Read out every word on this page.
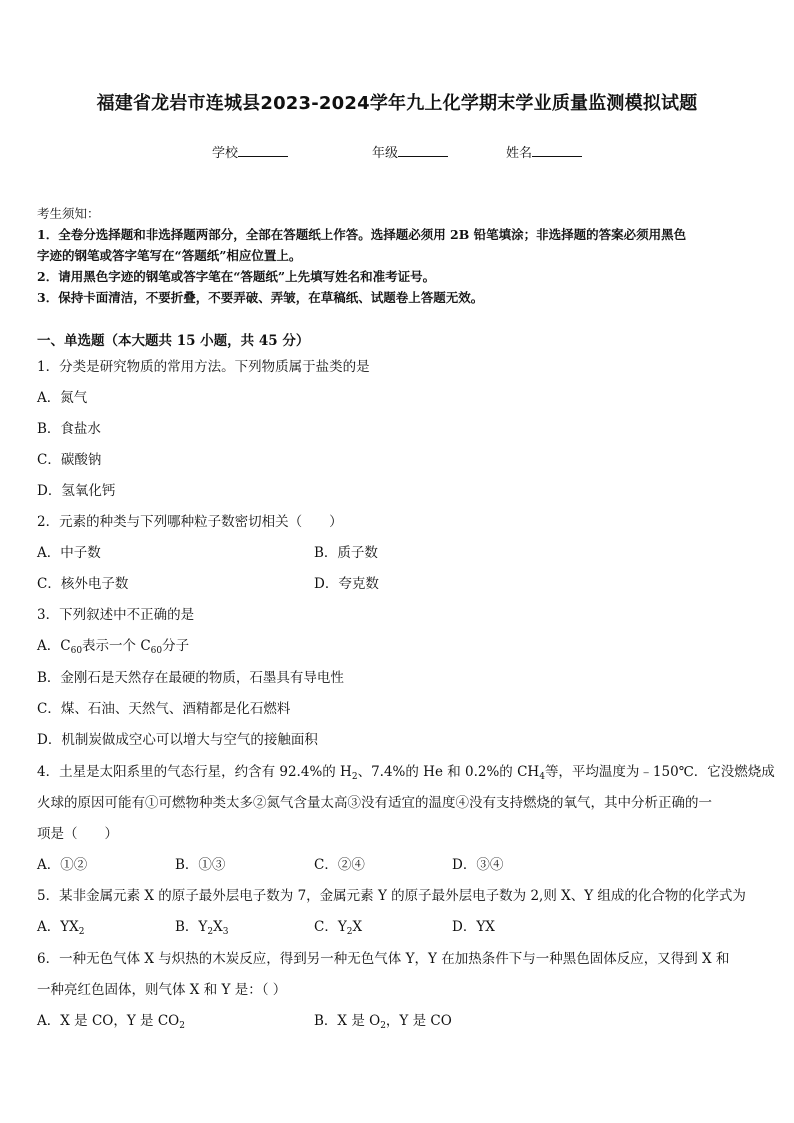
福建省龙岩市连城县2023-2024学年九上化学期末学业质量监测模拟试题
学校	年级	姓名
考生须知：
1．全卷分选择题和非选择题两部分，全部在答题纸上作答。选择题必须用 2B 铅笔填涂；非选择题的答案必须用黑色
字迹的钢笔或答字笔写在“答题纸”相应位置上。
2．请用黑色字迹的钢笔或答字笔在“答题纸”上先填写姓名和准考证号。
3．保持卡面清洁，不要折叠，不要弄破、弄皱，在草稿纸、试题卷上答题无效。
一、单选题（本大题共 15 小题，共 45 分）
1．分类是研究物质的常用方法。下列物质属于盐类的是
A．氮气
B．食盐水
C．碳酸钠
D．氢氧化钙
2．元素的种类与下列哪种粒子数密切相关（　　）
A．中子数	B．质子数
C．核外电子数	D．夸克数
3．下列叙述中不正确的是
A．$C_{60}$表示一个 $C_{60}$分子
B．金刚石是天然存在最硬的物质，石墨具有导电性
C．煤、石油、天然气、酒精都是化石燃料
D．机制炭做成空心可以增大与空气的接触面积
4．土星是太阳系里的气态行星，约含有 92.4%的 $H_2$、7.4%的 He 和 0.2%的 $CH_4$等，平均温度为﹣150℃．它没燃烧成
火球的原因可能有①可燃物种类太多②氮气含量太高③没有适宜的温度④没有支持燃烧的氧气，其中分析正确的一
项是（　　）
A．①②	B．①③	C．②④	D．③④
5．某非金属元素 X 的原子最外层电子数为 7，金属元素 Y 的原子最外层电子数为 2,则 X、Y 组成的化合物的化学式为
A．$YX_2$	B．$Y_2X_3$	C．$Y_2X$	D．YX
6．一种无色气体 X 与炽热的木炭反应，得到另一种无色气体 Y，Y 在加热条件下与一种黑色固体反应，又得到 X 和
一种亮红色固体，则气体 X 和 Y 是：（ ）
A．X 是 CO，Y 是 $CO_2$	B．X 是 $O_2$，Y 是 CO
